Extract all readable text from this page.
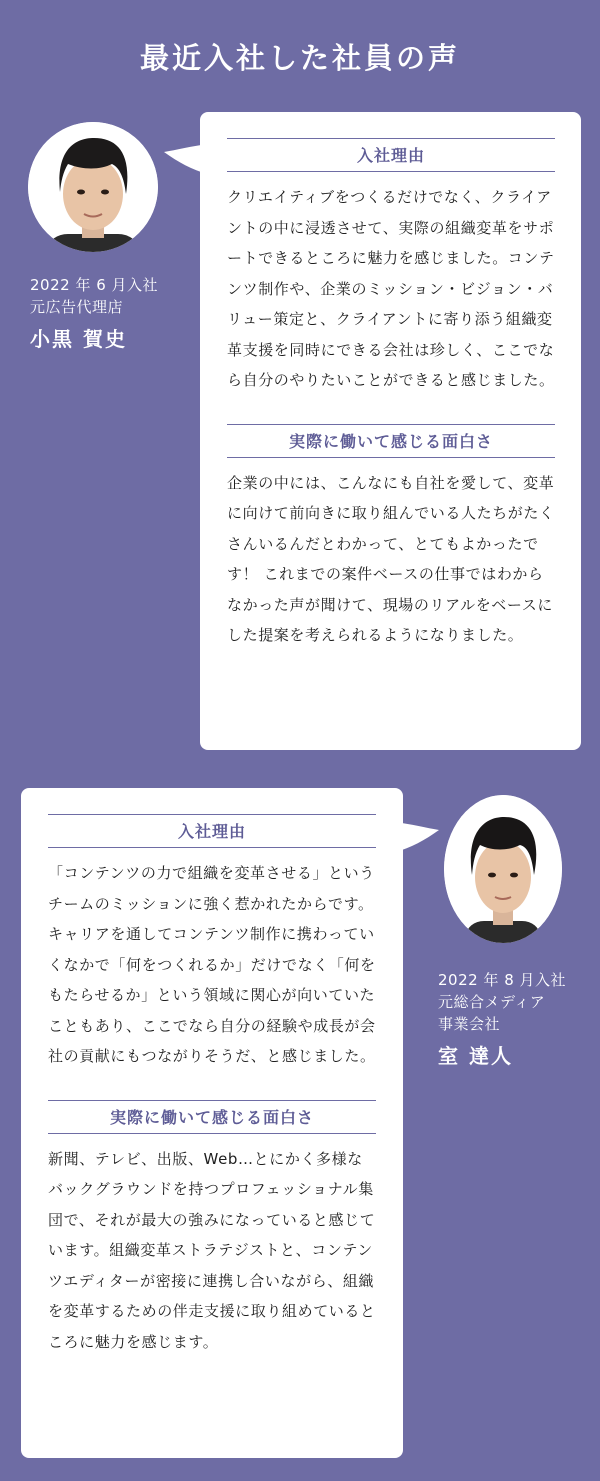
最近入社した社員の声
2022 年 6 月入社
元広告代理店
小黒 賀史
入社理由
クリエイティブをつくるだけでなく、クライアントの中に浸透させて、実際の組織変革をサポートできるところに魅力を感じました。コンテンツ制作や、企業のミッション・ビジョン・バリュー策定と、クライアントに寄り添う組織変革支援を同時にできる会社は珍しく、ここでなら自分のやりたいことができると感じました。
実際に働いて感じる面白さ
企業の中には、こんなにも自社を愛して、変革に向けて前向きに取り組んでいる人たちがたくさんいるんだとわかって、とてもよかったです！ これまでの案件ベースの仕事ではわからなかった声が聞けて、現場のリアルをベースにした提案を考えられるようになりました。
入社理由
「コンテンツの力で組織を変革させる」というチームのミッションに強く惹かれたからです。キャリアを通してコンテンツ制作に携わっていくなかで「何をつくれるか」だけでなく「何をもたらせるか」という領域に関心が向いていたこともあり、ここでなら自分の経験や成長が会社の貢献にもつながりそうだ、と感じました。
実際に働いて感じる面白さ
新聞、テレビ、出版、Web…とにかく多様なバックグラウンドを持つプロフェッショナル集団で、それが最大の強みになっていると感じています。組織変革ストラテジストと、コンテンツエディターが密接に連携し合いながら、組織を変革するための伴走支援に取り組めているところに魅力を感じます。
2022 年 8 月入社
元総合メディア
事業会社
室 達人
